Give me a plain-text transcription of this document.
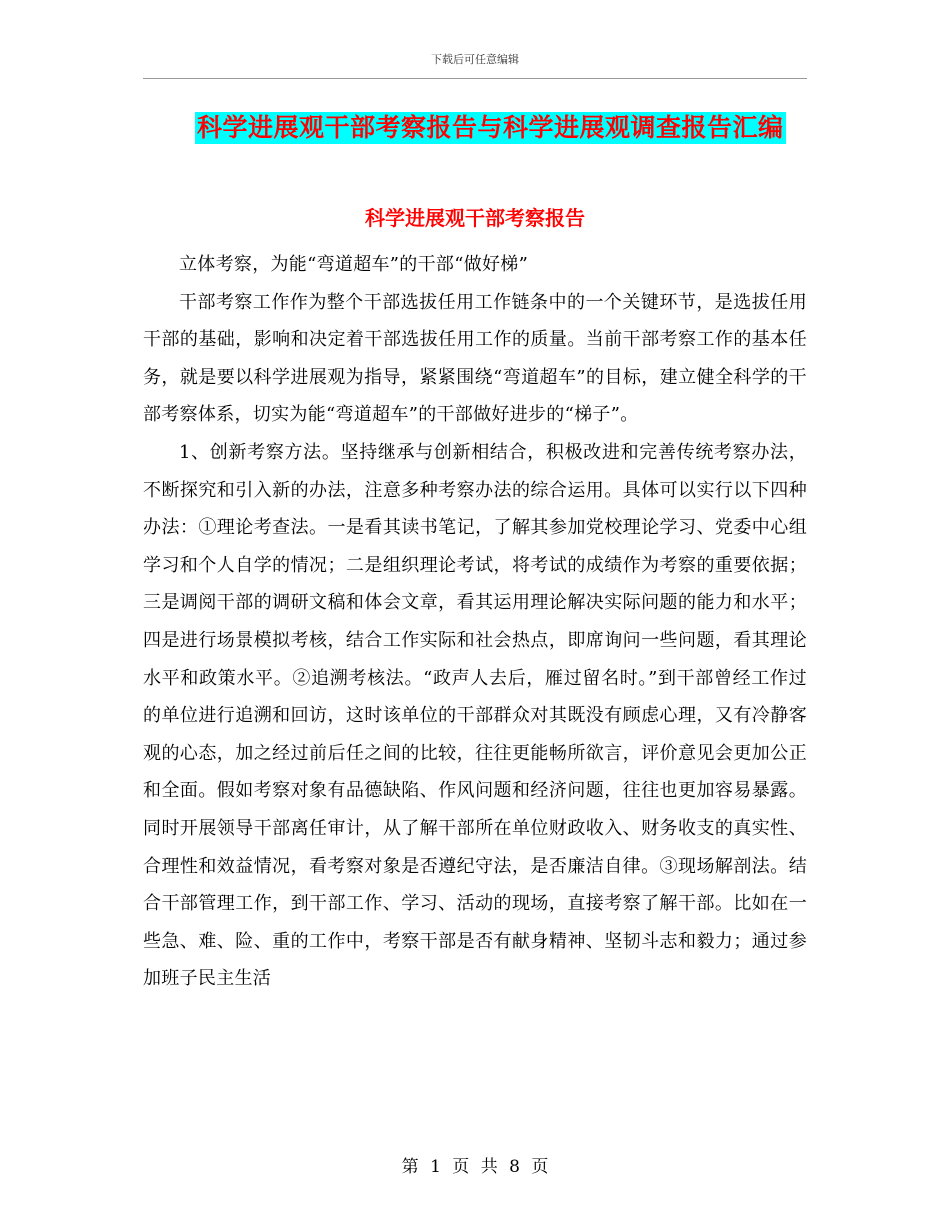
下载后可任意编辑
科学进展观干部考察报告与科学进展观调查报告汇编
科学进展观干部考察报告

立体考察，为能“弯道超车”的干部“做好梯”

干部考察工作作为整个干部选拔任用工作链条中的一个关键环节，是选拔任用干部的基础，影响和决定着干部选拔任用工作的质量。当前干部考察工作的基本任务，就是要以科学进展观为指导，紧紧围绕“弯道超车”的目标，建立健全科学的干部考察体系，切实为能“弯道超车”的干部做好进步的“梯子”。

1、创新考察方法。坚持继承与创新相结合，积极改进和完善传统考察办法，不断探究和引入新的办法，注意多种考察办法的综合运用。具体可以实行以下四种办法：①理论考查法。一是看其读书笔记，了解其参加党校理论学习、党委中心组学习和个人自学的情况；二是组织理论考试，将考试的成绩作为考察的重要依据；三是调阅干部的调研文稿和体会文章，看其运用理论解决实际问题的能力和水平；四是进行场景模拟考核，结合工作实际和社会热点，即席询问一些问题，看其理论水平和政策水平。②追溯考核法。“政声人去后，雁过留名时。”到干部曾经工作过的单位进行追溯和回访，这时该单位的干部群众对其既没有顾虑心理，又有冷静客观的心态，加之经过前后任之间的比较，往往更能畅所欲言，评价意见会更加公正和全面。假如考察对象有品德缺陷、作风问题和经济问题，往往也更加容易暴露。同时开展领导干部离任审计，从了解干部所在单位财政收入、财务收支的真实性、合理性和效益情况，看考察对象是否遵纪守法，是否廉洁自律。③现场解剖法。结合干部管理工作，到干部工作、学习、活动的现场，直接考察了解干部。比如在一些急、难、险、重的工作中，考察干部是否有献身精神、坚韧斗志和毅力；通过参加班子民主生活

第 1 页 共 8 页
